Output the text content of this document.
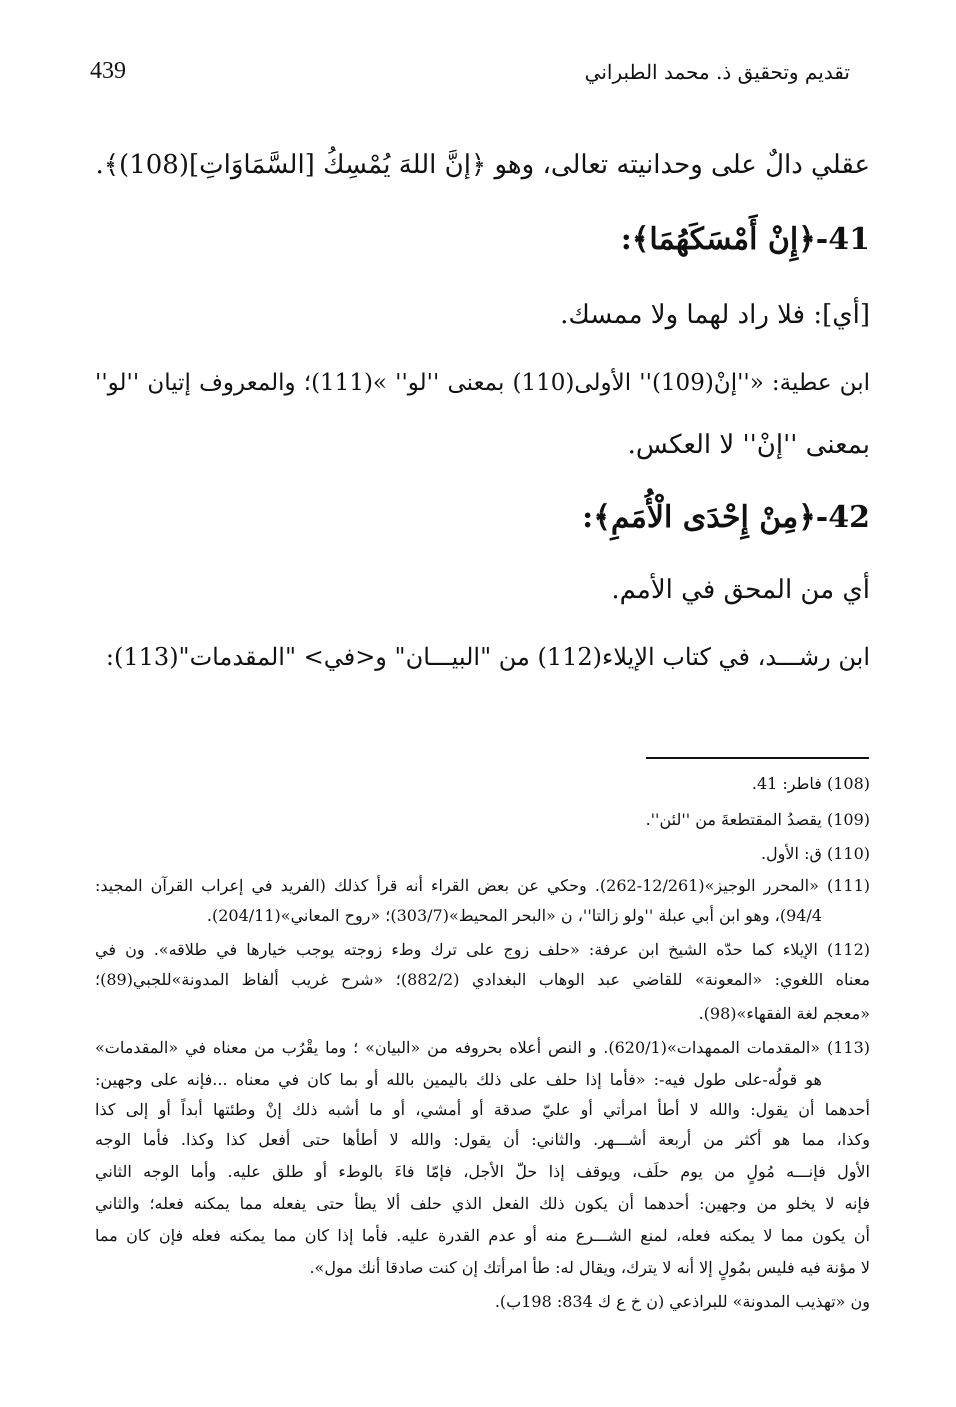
439	تقديم وتحقيق ذ. محمد الطبراني
عقلي دالٌ على وحدانيته تعالى، وهو ﴿إنَّ اللهَ يُمْسِكُ [السَّمَاوَاتِ](108)﴾.
41-﴿إِنْ أَمْسَكَهُمَا﴾:
[أي]: فلا راد لهما ولا ممسك.
ابن عطية: «''إنْ(109)'' الأولى(110) بمعنى ''لو'' »(111)؛ والمعروف إتيان ''لو''
بمعنى ''إنْ'' لا العكس.
42-﴿مِنْ إِحْدَى الْأُمَمِ﴾:
أي من المحق في الأمم.
ابن رشـــد، في كتاب الإيلاء(112) من "البيـــان" و<في> "المقدمات"(113):
(108) فاطر: 41.
(109) يقصدُ المقتطعةَ من ''لئن''.
(110) ق: الأول.
(111) «المحرر الوجيز»(12/261-262). وحكي عن بعض القراء أنه قرأ كذلك (الفريد في إعراب القرآن المجيد:
94/4)، وهو ابن أبي عبلة ''ولو زالتا''، ن «البحر المحيط»(303/7)؛ «روح المعاني»(204/11).
(112) الإيلاء كما حدّه الشيخ ابن عرفة: «حلف زوج على ترك وطء زوجته يوجب خيارها في طلاقه». ون في
معناه اللغوي: «المعونة» للقاضي عبد الوهاب البغدادي (882/2)؛ «شرح غريب ألفاظ المدونة»للجبي(89)؛
«معجم لغة الفقهاء»(98).
(113) «المقدمات الممهدات»(620/1). و النص أعلاه بحروفه من «البيان» ؛ وما يقْرُب من معناه في «المقدمات»
هو قولُه-على طول فيه-: «فأما إذا حلف على ذلك باليمين بالله أو بما كان في معناه ...فإنه على وجهين:
أحدهما أن يقول: والله لا أطأ امرأتي أو عليّ صدقة أو أمشي، أو ما أشبه ذلك إنْ وطئتها أبداً أو إلى كذا
وكذا، مما هو أكثر من أربعة أشـــهر. والثاني: أن يقول: والله لا أطأها حتى أفعل كذا وكذا. فأما الوجه
الأول فإنـــه مُولٍ من يوم حلَف، ويوقف إذا حلّ الأجل، فإمّا فاءَ بالوطء أو طلق عليه. وأما الوجه الثاني
فإنه لا يخلو من وجهين: أحدهما أن يكون ذلك الفعل الذي حلف ألا يطأ حتى يفعله مما يمكنه فعله؛ والثاني
أن يكون مما لا يمكنه فعله، لمنع الشـــرع منه أو عدم القدرة عليه. فأما إذا كان مما يمكنه فعله فإن كان مما
لا مؤنة فيه فليس بمُولٍ إلا أنه لا يترك، ويقال له: طأ امرأتك إن كنت صادقا أنك مول».
ون «تهذيب المدونة» للبراذعي (ن خ ع ك 834: 198ب).
